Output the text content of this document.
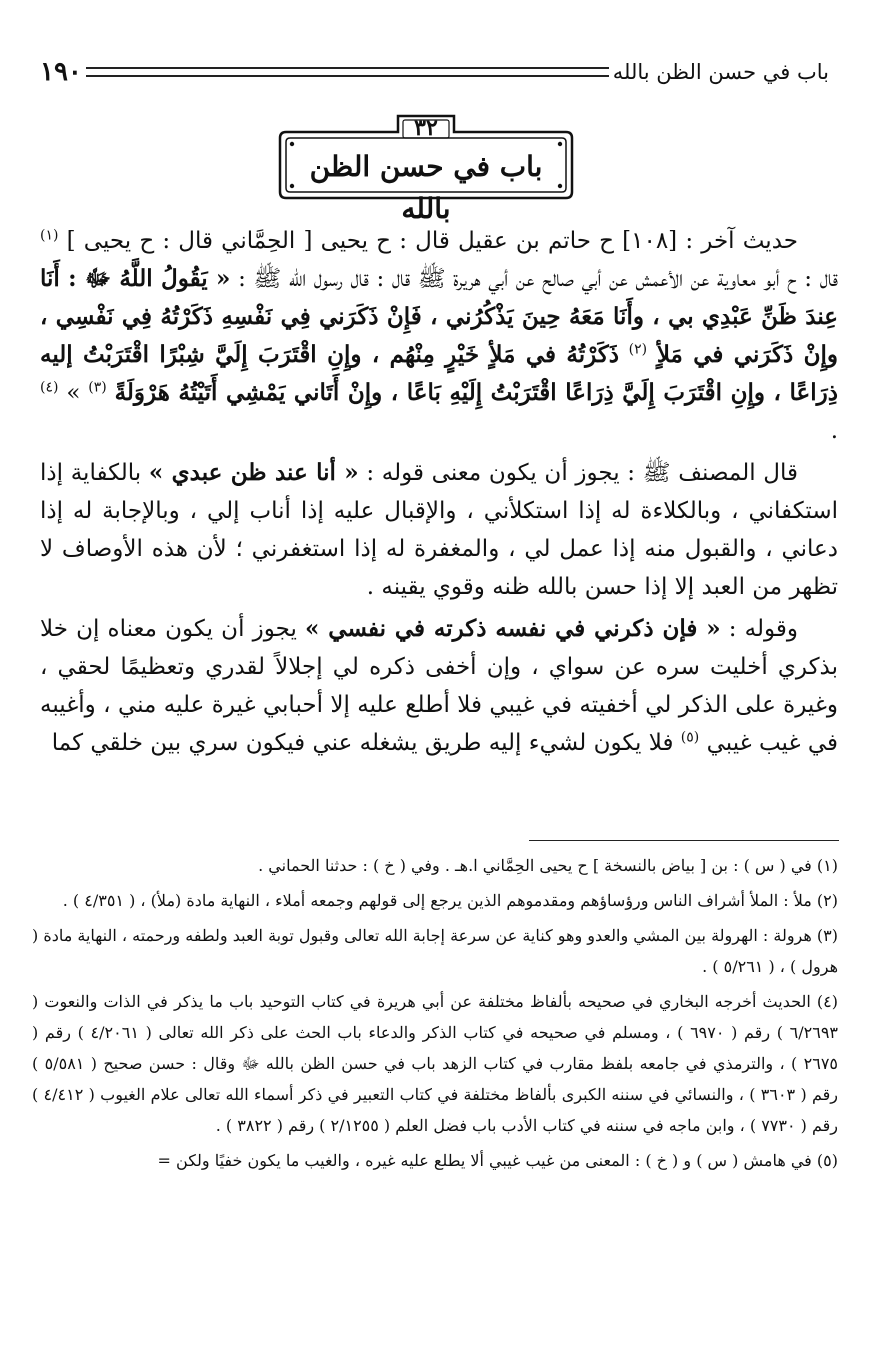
باب في حسن الظن بالله
١٩٠
٣٢
باب في حسن الظن بالله

حديث آخر : [١٠٨] ح حاتم بن عقيل قال : ح يحيى [ الحِمَّاني قال : ح يحيى ] $^{(١)}$ قال : ح أبو معاوية عن الأعمش عن أبي صالح عن أبي هريرة ﷺ قال : قال رسول الله ﷺ : « يَقُولُ اللَّهُ ﷻ : أَنَا عِندَ ظَنِّ عَبْدِي بي ، وأَنَا مَعَهُ حِينَ يَذْكُرُني ، فَإِنْ ذَكَرَني فِي نَفْسِهِ ذَكَرْتُهُ فِي نَفْسِي ، وإِنْ ذَكَرَني في مَلأٍ $^{(٢)}$ ذَكَرْتُهُ في مَلأٍ خَيْرٍ مِنْهُم ، وإِنِ اقْتَرَبَ إِلَيَّ شِبْرًا اقْتَرَبْتُ إليه ذِرَاعًا ، وإِنِ اقْتَرَبَ إِلَيَّ ذِرَاعًا اقْتَرَبْتُ إِلَيْهِ بَاعًا ، وإِنْ أَتَاني يَمْشِي أَتَيْتُهُ هَرْوَلَةً $^{(٣)}$ » $^{(٤)}$ .

قال المصنف ﷺ : يجوز أن يكون معنى قوله : « أنا عند ظن عبدي » بالكفاية إذا استكفاني ، وبالكلاءة له إذا استكلأني ، والإقبال عليه إذا أناب إلي ، وبالإجابة له إذا دعاني ، والقبول منه إذا عمل لي ، والمغفرة له إذا استغفرني ؛ لأن هذه الأوصاف لا تظهر من العبد إلا إذا حسن بالله ظنه وقوي يقينه .

وقوله : « فإن ذكرني في نفسه ذكرته في نفسي » يجوز أن يكون معناه إن خلا بذكري أخليت سره عن سواي ، وإن أخفى ذكره لي إجلالاً لقدري وتعظيمًا لحقي ، وغيرة على الذكر لي أخفيته في غيبي فلا أطلع عليه إلا أحبابي غيرة عليه مني ، وأغيبه في غيب غيبي $^{(٥)}$ فلا يكون لشيء إليه طريق يشغله عني فيكون سري بين خلقي كما

(١) في ( س ) : بن [ بياض بالنسخة ] ح يحيى الحِمَّاني ا.هـ . وفي ( خ ) : حدثنا الحماني .

(٢) ملأ : الملأ أشراف الناس ورؤساؤهم ومقدموهم الذين يرجع إلى قولهم وجمعه أملاء ، النهاية مادة (ملأ) ، ( ٤/٣٥١ ) .

(٣) هرولة : الهرولة بين المشي والعدو وهو كناية عن سرعة إجابة الله تعالى وقبول توبة العبد ولطفه ورحمته ، النهاية مادة ( هرول ) ، ( ٥/٢٦١ ) .

(٤) الحديث أخرجه البخاري في صحيحه بألفاظ مختلفة عن أبي هريرة في كتاب التوحيد باب ما يذكر في الذات والنعوت ( ٦/٢٦٩٣ ) رقم ( ٦٩٧٠ ) ، ومسلم في صحيحه في كتاب الذكر والدعاء باب الحث على ذكر الله تعالى ( ٤/٢٠٦١ ) رقم ( ٢٦٧٥ ) ، والترمذي في جامعه بلفظ مقارب في كتاب الزهد باب في حسن الظن بالله ﷻ وقال : حسن صحيح ( ٥/٥٨١ ) رقم ( ٣٦٠٣ ) ، والنسائي في سننه الكبرى بألفاظ مختلفة في كتاب التعبير في ذكر أسماء الله تعالى علام الغيوب ( ٤/٤١٢ ) رقم ( ٧٧٣٠ ) ، وابن ماجه في سننه في كتاب الأدب باب فضل العلم ( ٢/١٢٥٥ ) رقم ( ٣٨٢٢ ) .

(٥) في هامش ( س ) و ( خ ) : المعنى من غيب غيبي ألا يطلع عليه غيره ، والغيب ما يكون خفيًا ولكن =
